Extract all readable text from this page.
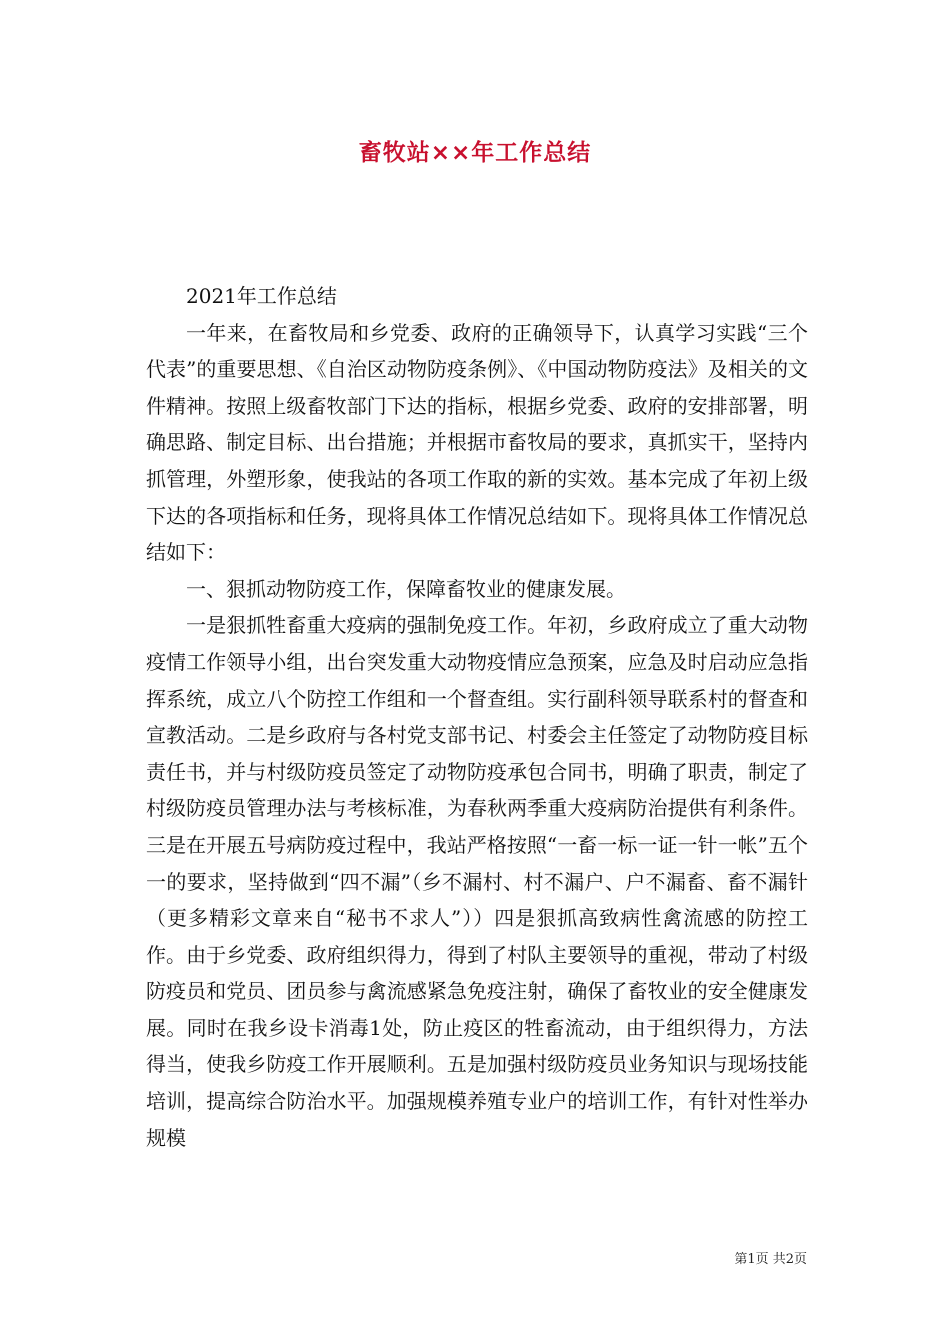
畜牧站××年工作总结

2021年工作总结

一年来，在畜牧局和乡党委、政府的正确领导下，认真学习实践“三个代表”的重要思想、《自治区动物防疫条例》、《中国动物防疫法》及相关的文件精神。按照上级畜牧部门下达的指标，根据乡党委、政府的安排部署，明确思路、制定目标、出台措施；并根据市畜牧局的要求，真抓实干，坚持内抓管理，外塑形象，使我站的各项工作取的新的实效。基本完成了年初上级下达的各项指标和任务，现将具体工作情况总结如下。现将具体工作情况总结如下：

一、狠抓动物防疫工作，保障畜牧业的健康发展。

一是狠抓牲畜重大疫病的强制免疫工作。年初，乡政府成立了重大动物疫情工作领导小组，出台突发重大动物疫情应急预案，应急及时启动应急指挥系统，成立八个防控工作组和一个督查组。实行副科领导联系村的督查和宣教活动。二是乡政府与各村党支部书记、村委会主任签定了动物防疫目标责任书，并与村级防疫员签定了动物防疫承包合同书，明确了职责，制定了村级防疫员管理办法与考核标准，为春秋两季重大疫病防治提供有利条件。三是在开展五号病防疫过程中，我站严格按照“一畜一标一证一针一帐”五个一的要求，坚持做到“四不漏”（乡不漏村、村不漏户、户不漏畜、畜不漏针（更多精彩文章来自“秘书不求人”））四是狠抓高致病性禽流感的防控工作。由于乡党委、政府组织得力，得到了村队主要领导的重视，带动了村级防疫员和党员、团员参与禽流感紧急免疫注射，确保了畜牧业的安全健康发展。同时在我乡设卡消毒1处，防止疫区的牲畜流动，由于组织得力，方法得当，使我乡防疫工作开展顺利。五是加强村级防疫员业务知识与现场技能培训，提高综合防治水平。加强规模养殖专业户的培训工作，有针对性举办规模

第1页 共2页
